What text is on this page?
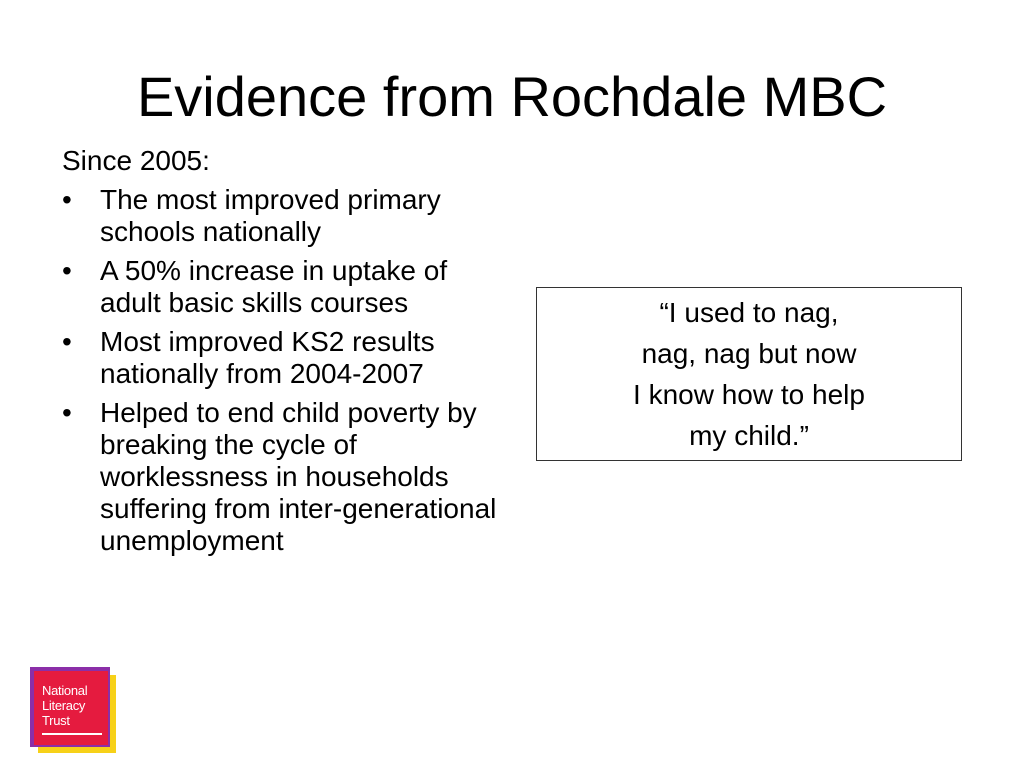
Evidence from Rochdale MBC

Since 2005:

• The most improved primary schools nationally
• A 50% increase in uptake of adult basic skills courses
• Most improved KS2 results nationally from 2004-2007
• Helped to end child poverty by breaking the cycle of worklessness in households suffering from inter-generational unemployment
“I used to nag,
nag, nag but now
I know how to help
my child.”
National
Literacy
Trust
